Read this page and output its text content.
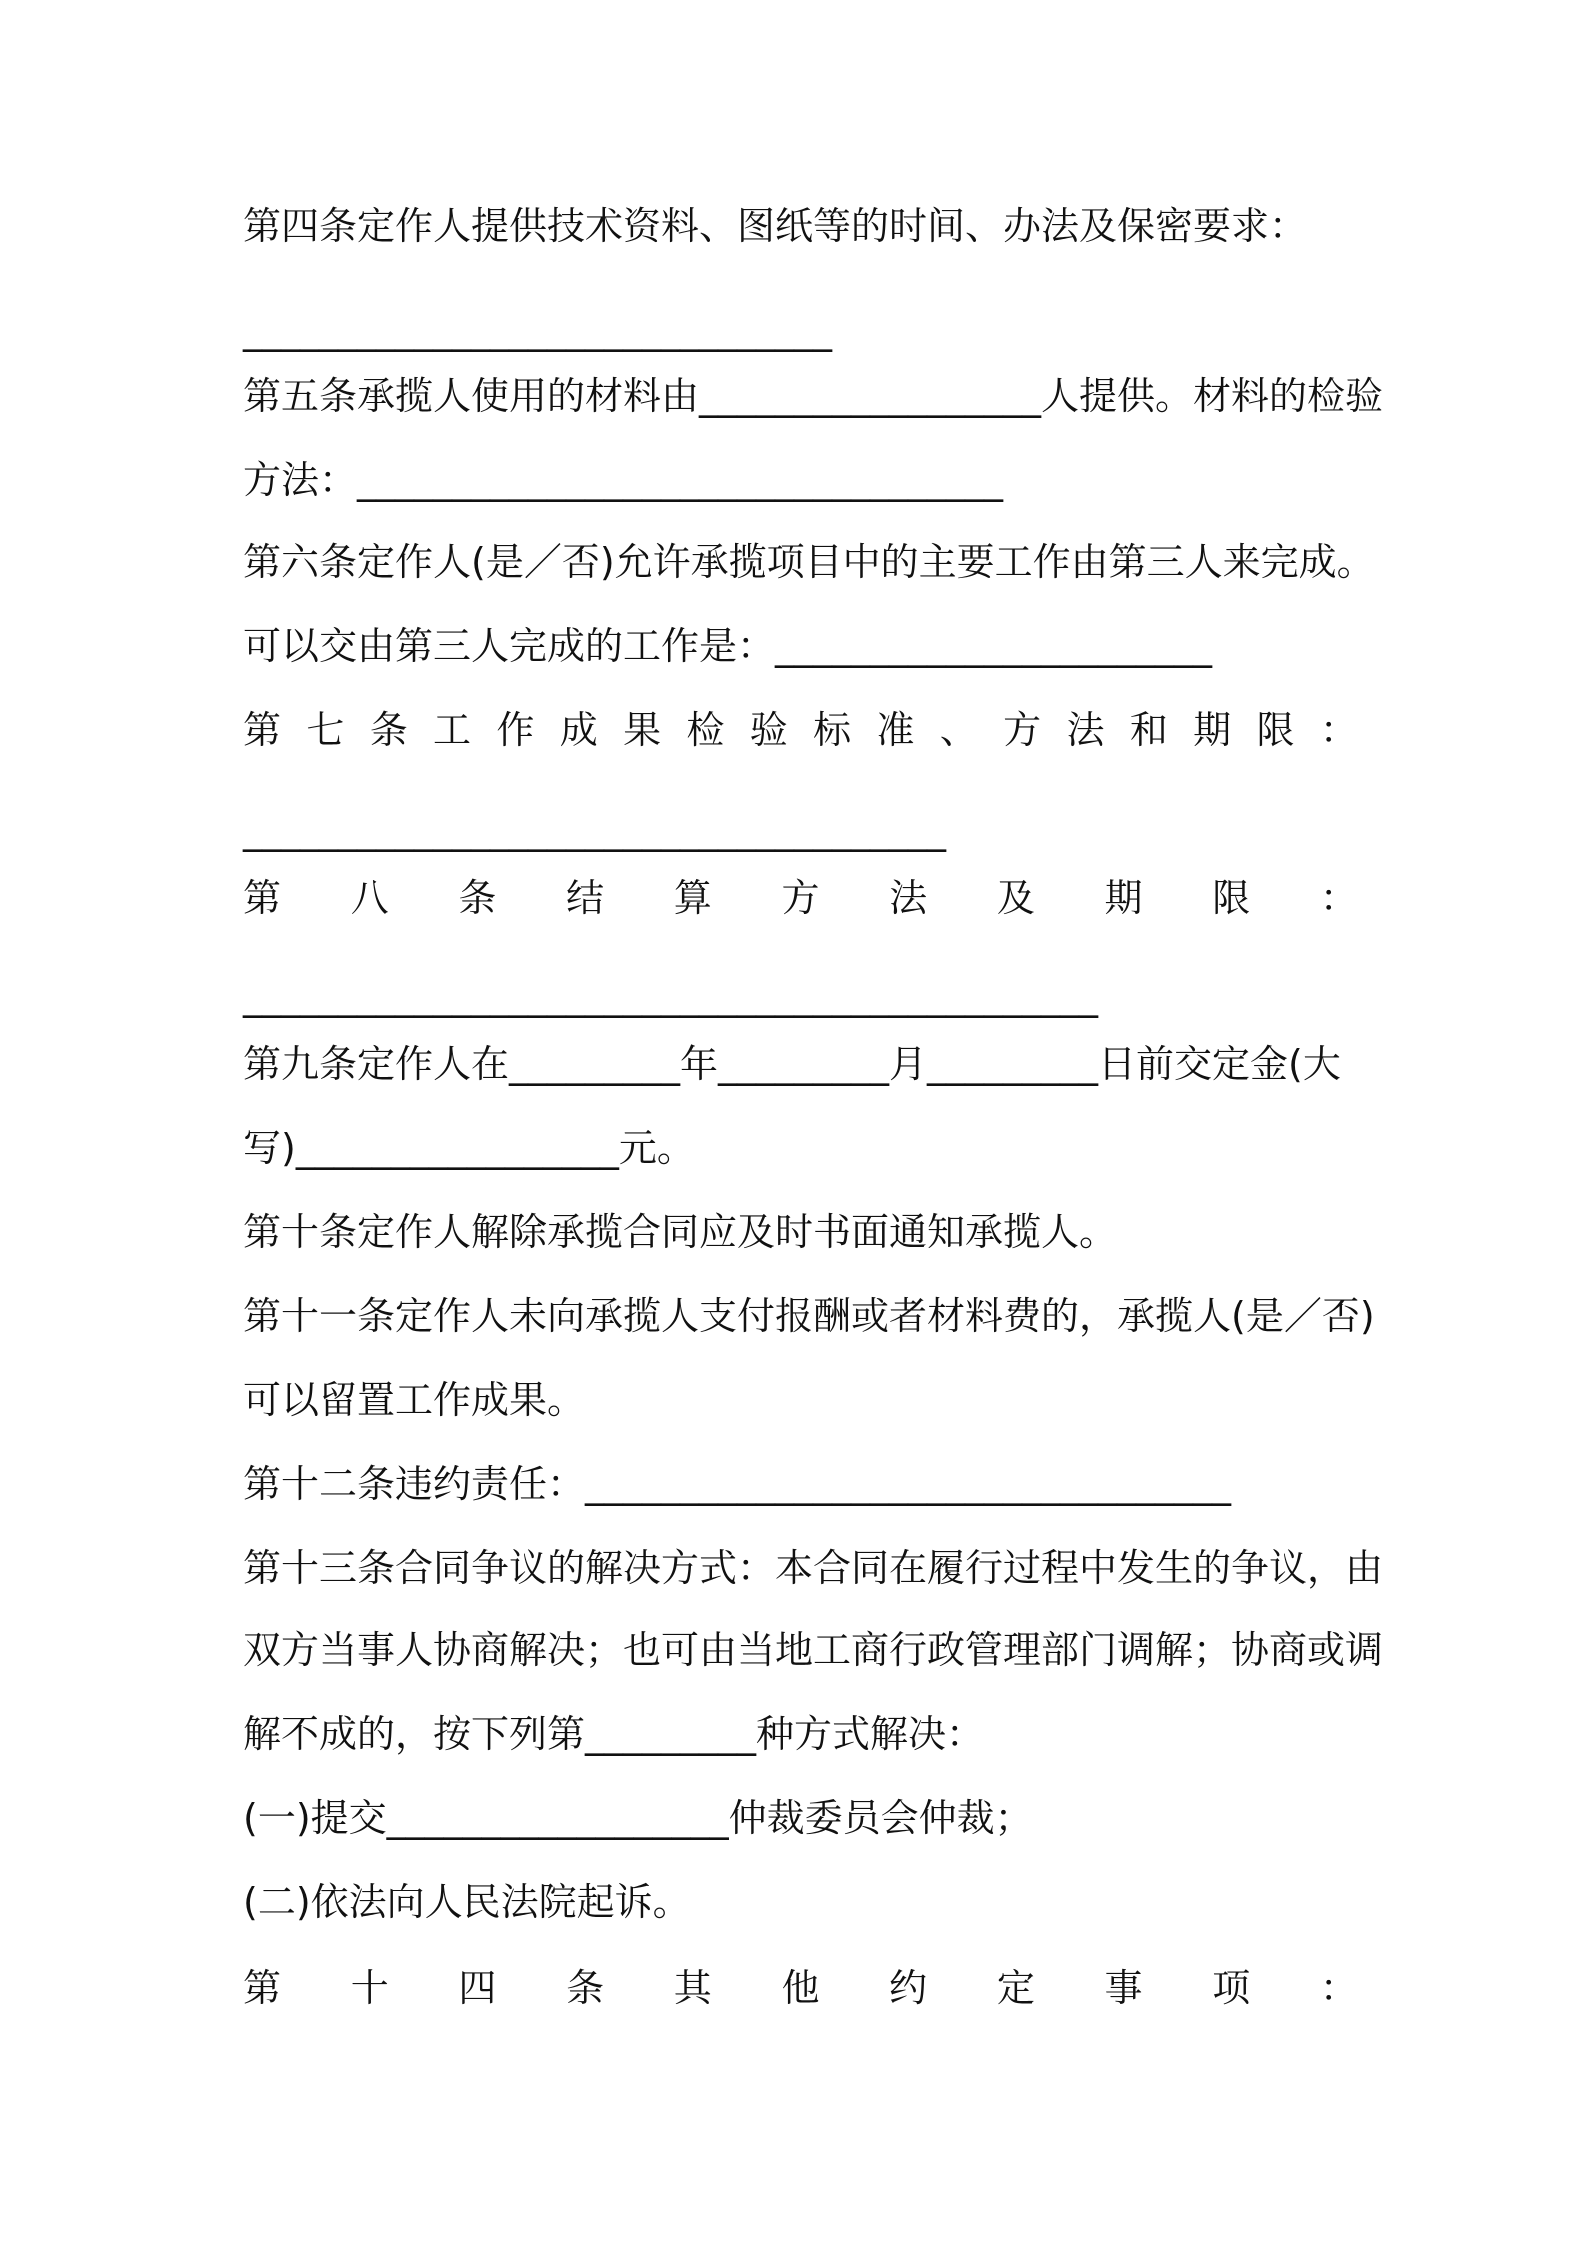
第四条定作人提供技术资料、图纸等的时间、办法及保密要求：
_______________________________
第五条承揽人使用的材料由__________________人提供。材料的检验
方法：__________________________________
第六条定作人(是／否)允许承揽项目中的主要工作由第三人来完成。
可以交由第三人完成的工作是：_______________________
第 七 条 工 作 成 果 检 验 标 准 、 方 法 和 期 限 ：
_____________________________________
第 八 条 结 算 方 法 及 期 限 ：
_____________________________________________
第九条定作人在_________年_________月_________日前交定金(大
写)_________________元。
第十条定作人解除承揽合同应及时书面通知承揽人。
第十一条定作人未向承揽人支付报酬或者材料费的，承揽人(是／否)
可以留置工作成果。
第十二条违约责任：__________________________________
第十三条合同争议的解决方式：本合同在履行过程中发生的争议，由
双方当事人协商解决；也可由当地工商行政管理部门调解；协商或调
解不成的，按下列第_________种方式解决：
(一)提交__________________仲裁委员会仲裁；
(二)依法向人民法院起诉。
第 十 四 条 其 他 约 定 事 项 ：
